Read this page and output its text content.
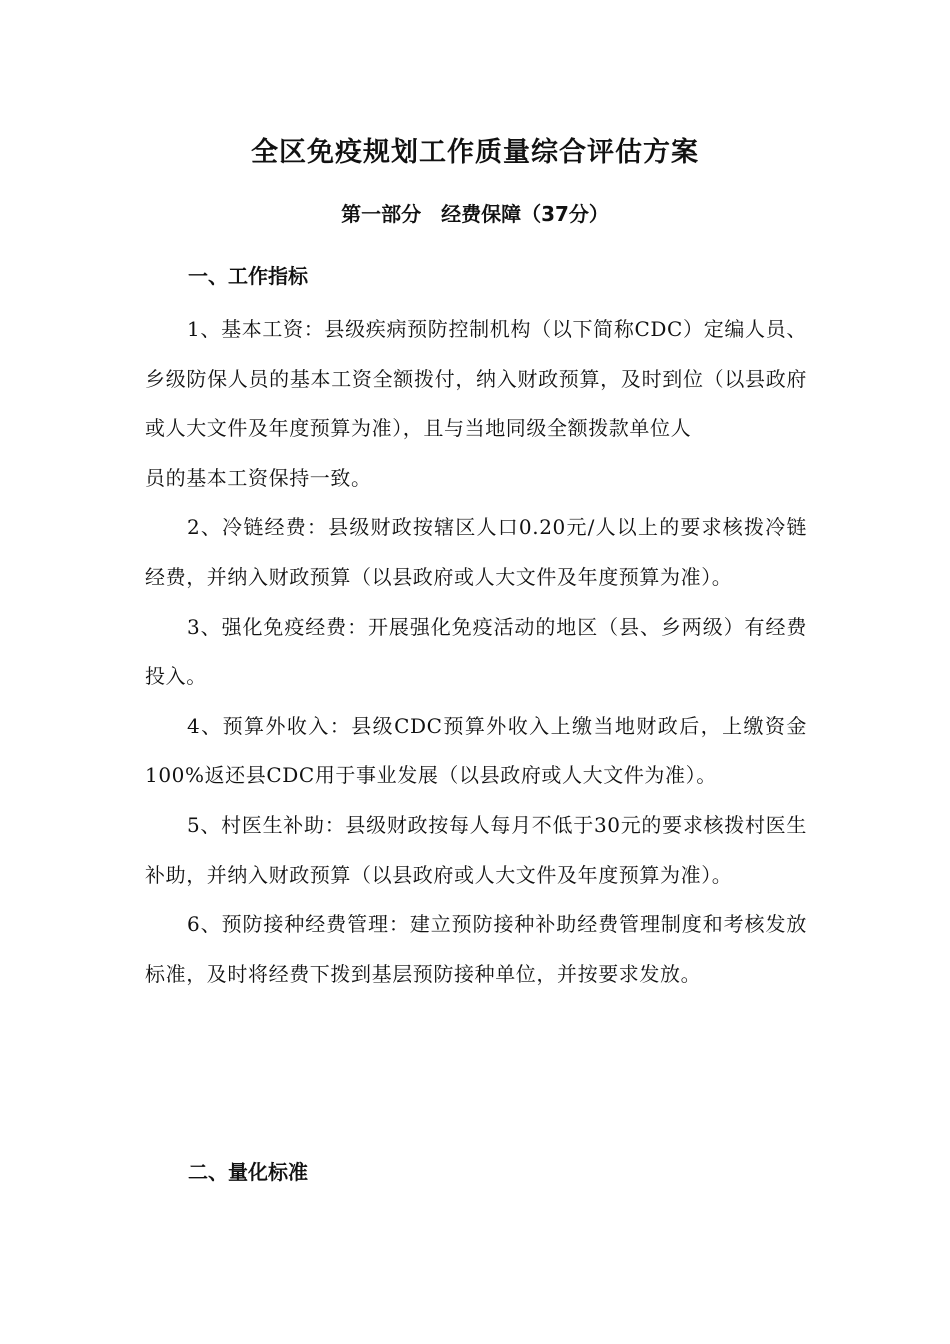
全区免疫规划工作质量综合评估方案
第一部分　经费保障（37分）
一、工作指标

1、基本工资：县级疾病预防控制机构（以下简称CDC）定编人员、乡级防保人员的基本工资全额拨付，纳入财政预算，及时到位（以县政府或人大文件及年度预算为准），且与当地同级全额拨款单位人

员的基本工资保持一致。

2、冷链经费：县级财政按辖区人口0.20元/人以上的要求核拨冷链经费，并纳入财政预算（以县政府或人大文件及年度预算为准）。

3、强化免疫经费：开展强化免疫活动的地区（县、乡两级）有经费投入。

4、预算外收入：县级CDC预算外收入上缴当地财政后，上缴资金100%返还县CDC用于事业发展（以县政府或人大文件为准）。

5、村医生补助：县级财政按每人每月不低于30元的要求核拨村医生补助，并纳入财政预算（以县政府或人大文件及年度预算为准）。

6、预防接种经费管理：建立预防接种补助经费管理制度和考核发放标准，及时将经费下拨到基层预防接种单位，并按要求发放。

二、量化标准
